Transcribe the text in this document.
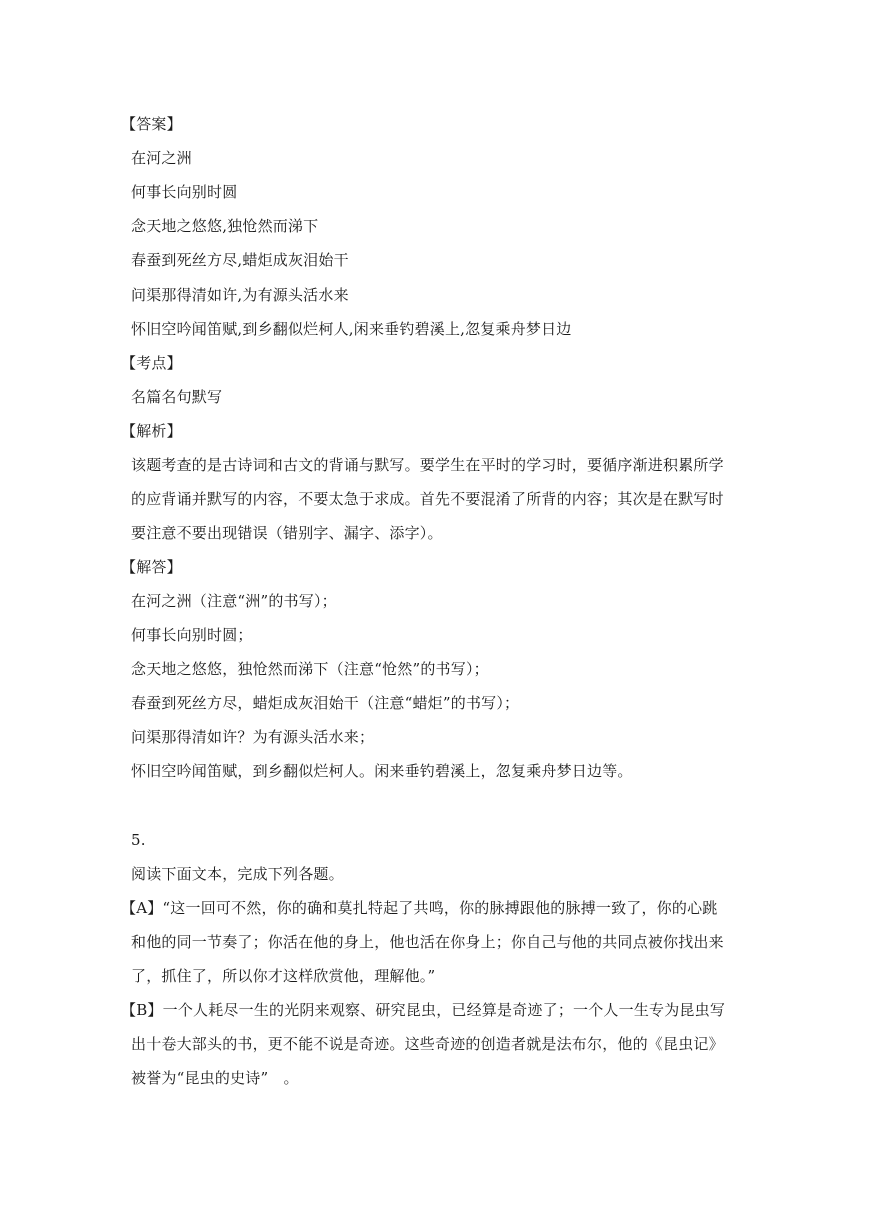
【答案】
在河之洲
何事长向别时圆
念天地之悠悠,独怆然而涕下
春蚕到死丝方尽,蜡炬成灰泪始干
问渠那得清如许,为有源头活水来
怀旧空吟闻笛赋,到乡翻似烂柯人,闲来垂钓碧溪上,忽复乘舟梦日边
【考点】
名篇名句默写
【解析】
该题考查的是古诗词和古文的背诵与默写。要学生在平时的学习时，要循序渐进积累所学
的应背诵并默写的内容，不要太急于求成。首先不要混淆了所背的内容；其次是在默写时
要注意不要出现错误（错别字、漏字、添字）。
【解答】
在河之洲（注意“洲”的书写）；
何事长向别时圆；
念天地之悠悠，独怆然而涕下（注意“怆然”的书写）；
春蚕到死丝方尽，蜡炬成灰泪始干（注意“蜡炬”的书写）；
问渠那得清如许？为有源头活水来；
怀旧空吟闻笛赋，到乡翻似烂柯人。闲来垂钓碧溪上，忽复乘舟梦日边等。
5.
阅读下面文本，完成下列各题。
【A】“这一回可不然，你的确和莫扎特起了共鸣，你的脉搏跟他的脉搏一致了，你的心跳
和他的同一节奏了；你活在他的身上，他也活在你身上；你自己与他的共同点被你找出来
了，抓住了，所以你才这样欣赏他，理解他。”
【B】一个人耗尽一生的光阴来观察、研究昆虫，已经算是奇迹了；一个人一生专为昆虫写
出十卷大部头的书，更不能不说是奇迹。这些奇迹的创造者就是法布尔，他的《昆虫记》
被誉为“昆虫的史诗”　。
